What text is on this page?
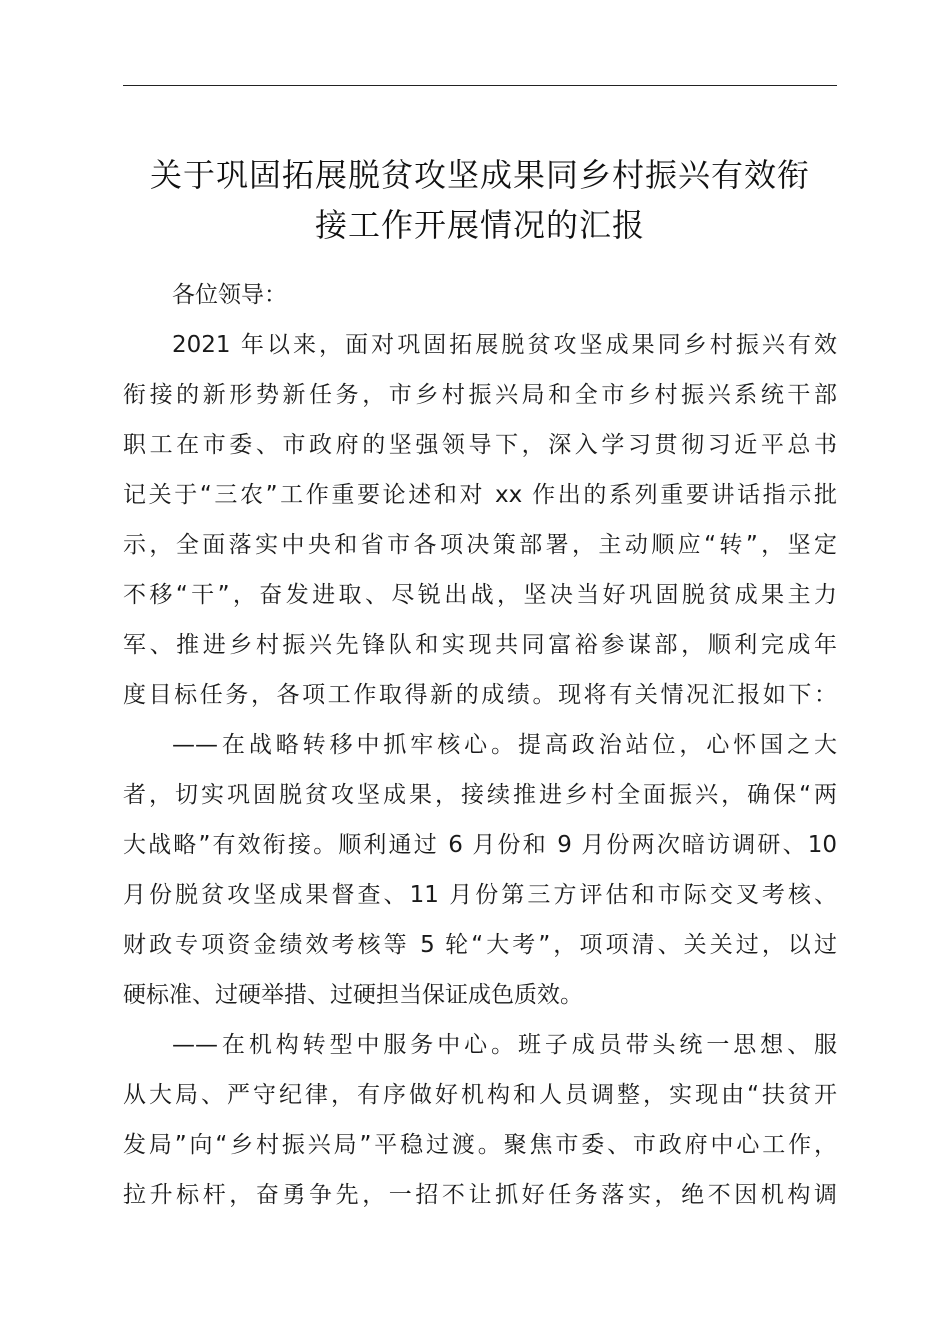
关于巩固拓展脱贫攻坚成果同乡村振兴有效衔
接工作开展情况的汇报
各位领导：
2021 年以来，面对巩固拓展脱贫攻坚成果同乡村振兴有效
衔接的新形势新任务，市乡村振兴局和全市乡村振兴系统干部
职工在市委、市政府的坚强领导下，深入学习贯彻习近平总书
记关于“三农”工作重要论述和对 xx 作出的系列重要讲话指示批
示，全面落实中央和省市各项决策部署，主动顺应“转”，坚定
不移“干”，奋发进取、尽锐出战，坚决当好巩固脱贫成果主力
军、推进乡村振兴先锋队和实现共同富裕参谋部，顺利完成年
度目标任务，各项工作取得新的成绩。现将有关情况汇报如下：
——在战略转移中抓牢核心。提高政治站位，心怀国之大
者，切实巩固脱贫攻坚成果，接续推进乡村全面振兴，确保“两
大战略”有效衔接。顺利通过 6 月份和 9 月份两次暗访调研、10
月份脱贫攻坚成果督查、11 月份第三方评估和市际交叉考核、
财政专项资金绩效考核等 5 轮“大考”，项项清、关关过，以过
硬标准、过硬举措、过硬担当保证成色质效。
——在机构转型中服务中心。班子成员带头统一思想、服
从大局、严守纪律，有序做好机构和人员调整，实现由“扶贫开
发局”向“乡村振兴局”平稳过渡。聚焦市委、市政府中心工作，
拉升标杆，奋勇争先，一招不让抓好任务落实，绝不因机构调
